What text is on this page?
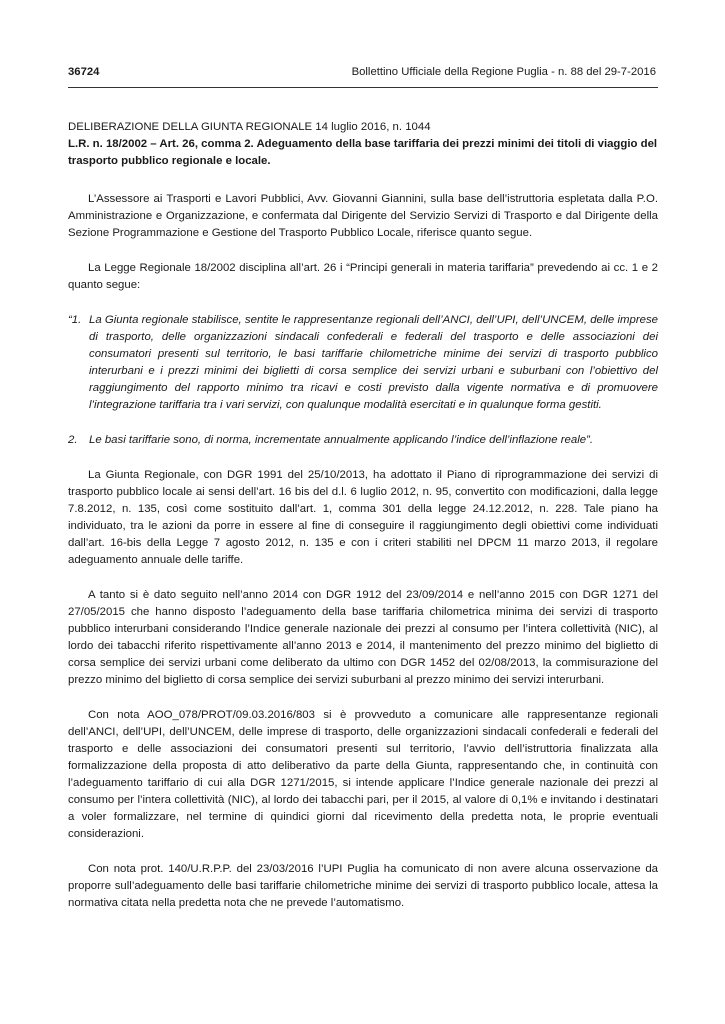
36724	Bollettino Ufficiale della Regione Puglia - n. 88 del 29-7-2016
DELIBERAZIONE DELLA GIUNTA REGIONALE 14 luglio 2016, n. 1044
L.R. n. 18/2002 – Art. 26, comma 2. Adeguamento della base tariffaria dei prezzi minimi dei titoli di viaggio del trasporto pubblico regionale e locale.

L’Assessore ai Trasporti e Lavori Pubblici, Avv. Giovanni Giannini, sulla base dell’istruttoria espletata dalla P.O. Amministrazione e Organizzazione, e confermata dal Dirigente del Servizio Servizi di Trasporto e dal Dirigente della Sezione Programmazione e Gestione del Trasporto Pubblico Locale, riferisce quanto segue.

La Legge Regionale 18/2002 disciplina all’art. 26 i “Principi generali in materia tariffaria” prevedendo ai cc. 1 e 2 quanto segue:

“1. La Giunta regionale stabilisce, sentite le rappresentanze regionali dell’ANCI, dell’UPI, dell’UNCEM, delle imprese di trasporto, delle organizzazioni sindacali confederali e federali del trasporto e delle associazioni dei consumatori presenti sul territorio, le basi tariffarie chilometriche minime dei servizi di trasporto pubblico interurbani e i prezzi minimi dei biglietti di corsa semplice dei servizi urbani e suburbani con l’obiettivo del raggiungimento del rapporto minimo tra ricavi e costi previsto dalla vigente normativa e di promuovere l’integrazione tariffaria tra i vari servizi, con qualunque modalità esercitati e in qualunque forma gestiti.
2.	Le basi tariffarie sono, di norma, incrementate annualmente applicando l’indice dell’inflazione reale”.

La Giunta Regionale, con DGR 1991 del 25/10/2013, ha adottato il Piano di riprogrammazione dei servizi di trasporto pubblico locale ai sensi dell’art. 16 bis del d.l. 6 luglio 2012, n. 95, convertito con modificazioni, dalla legge 7.8.2012, n. 135, così come sostituito dall’art. 1, comma 301 della legge 24.12.2012, n. 228. Tale piano ha individuato, tra le azioni da porre in essere al fine di conseguire il raggiungimento degli obiettivi come individuati dall’art. 16-bis della Legge 7 agosto 2012, n. 135 e con i criteri stabiliti nel DPCM 11 marzo 2013, il regolare adeguamento annuale delle tariffe.

A tanto si è dato seguito nell’anno 2014 con DGR 1912 del 23/09/2014 e nell’anno 2015 con DGR 1271 del 27/05/2015 che hanno disposto l’adeguamento della base tariffaria chilometrica minima dei servizi di trasporto pubblico interurbani considerando l’Indice generale nazionale dei prezzi al consumo per l’intera collettività (NIC), al lordo dei tabacchi riferito rispettivamente all’anno 2013 e 2014, il mantenimento del prezzo minimo del biglietto di corsa semplice dei servizi urbani come deliberato da ultimo con DGR 1452 del 02/08/2013, la commisurazione del prezzo minimo del biglietto di corsa semplice dei servizi suburbani al prezzo minimo dei servizi interurbani.

Con nota AOO_078/PROT/09.03.2016/803 si è provveduto a comunicare alle rappresentanze regionali dell’ANCI, dell’UPI, dell’UNCEM, delle imprese di trasporto, delle organizzazioni sindacali confederali e federali del trasporto e delle associazioni dei consumatori presenti sul territorio, l’avvio dell’istruttoria finalizzata alla formalizzazione della proposta di atto deliberativo da parte della Giunta, rappresentando che, in continuità con l’adeguamento tariffario di cui alla DGR 1271/2015, si intende applicare l’Indice generale nazionale dei prezzi al consumo per l’intera collettività (NIC), al lordo dei tabacchi pari, per il 2015, al valore di 0,1% e invitando i destinatari a voler formalizzare, nel termine di quindici giorni dal ricevimento della predetta nota, le proprie eventuali considerazioni.

Con nota prot. 140/U.R.P.P. del 23/03/2016 l’UPI Puglia ha comunicato di non avere alcuna osservazione da proporre sull’adeguamento delle basi tariffarie chilometriche minime dei servizi di trasporto pubblico locale, attesa la normativa citata nella predetta nota che ne prevede l’automatismo.
